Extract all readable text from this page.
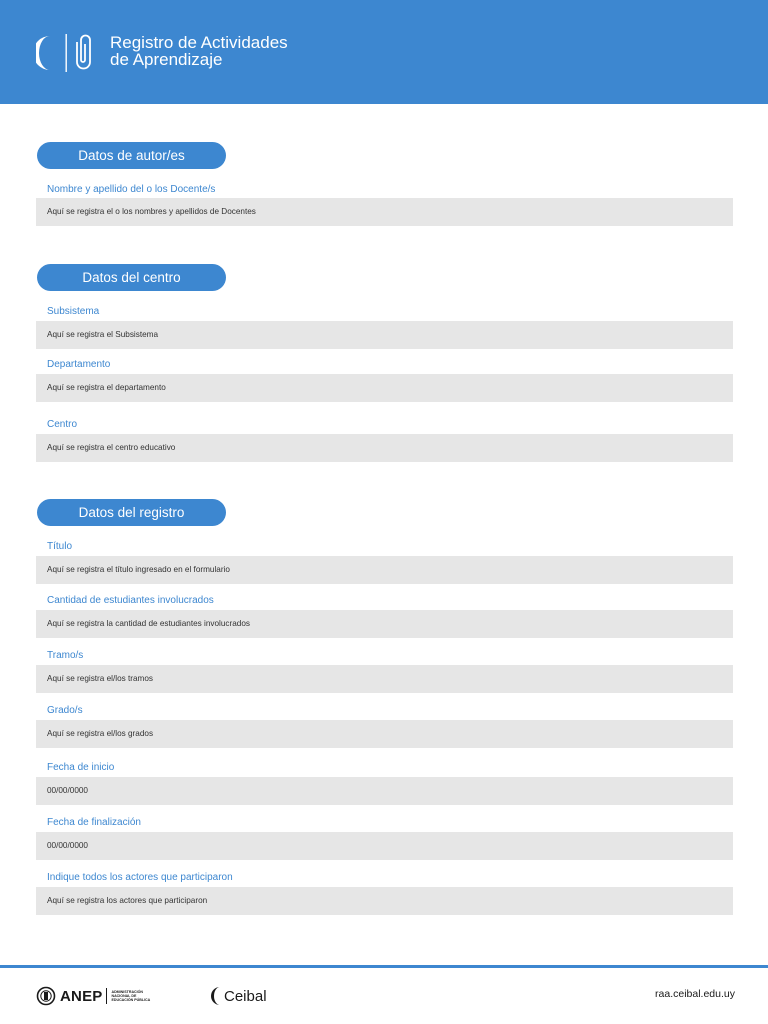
Registro de Actividades
de Aprendizaje
Datos de autor/es
Nombre y apellido del o los Docente/s
Aquí se registra el o los nombres y apellidos de Docentes
Datos del centro
Subsistema
Aquí se registra el Subsistema
Departamento
Aquí se registra el departamento
Centro
Aquí se registra el centro educativo
Datos del registro
Título
Aquí se registra el título ingresado en el formulario
Cantidad de estudiantes involucrados
Aquí se registra la cantidad de estudiantes involucrados
Tramo/s
Aquí se registra el/los tramos
Grado/s
Aquí se registra el/los grados
Fecha de inicio
00/00/0000
Fecha de finalización
00/00/0000
Indique todos los actores que participaron
Aquí se registra los actores que participaron
ANEP	ADMINISTRACIÓN
NACIONAL DE
EDUCACIÓN PÚBLICA	Ceibal	raa.ceibal.edu.uy
